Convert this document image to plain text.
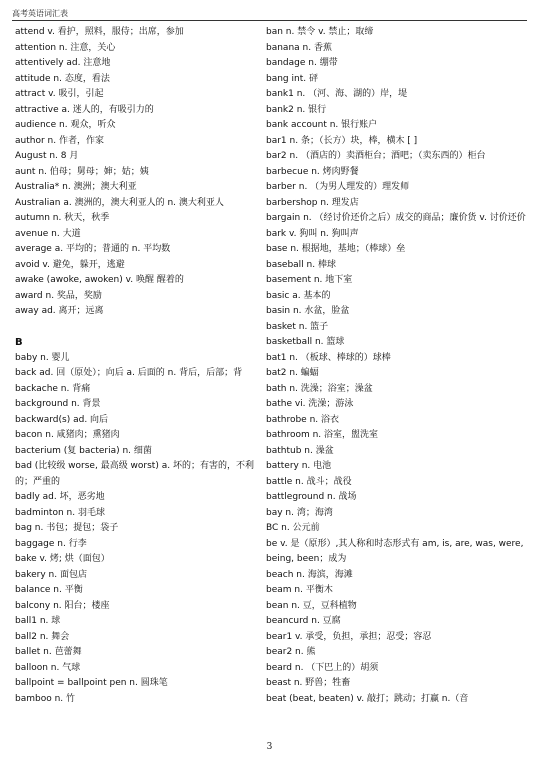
高考英语词汇表
attend v. 看护，照料，服侍；出席，参加
attention n. 注意，关心
attentively ad. 注意地
attitude n. 态度，看法
attract v. 吸引，引起
attractive a. 迷人的，有吸引力的
audience n. 观众，听众
author n. 作者，作家
August n. 8 月
aunt n. 伯母；舅母；婶；姑；姨
Australia* n. 澳洲；澳大利亚
Australian a. 澳洲的，澳大利亚人的 n. 澳大利亚人
autumn n. 秋天，秋季
avenue n. 大道
average a. 平均的；普通的 n. 平均数
avoid v. 避免，躲开，逃避
awake (awoke, awoken) v. 唤醒 醒着的
award n. 奖品，奖励
away ad. 离开；远离
B
baby n. 婴儿
back ad. 回（原处）；向后 a. 后面的 n. 背后，后部；背
backache n. 背痛
background n. 背景
backward(s) ad. 向后
bacon n. 咸猪肉；熏猪肉
bacterium (复 bacteria) n. 细菌
bad (比较级 worse, 最高级 worst) a. 坏的；有害的，不利的；严重的
badly ad. 坏，恶劣地
badminton n. 羽毛球
bag n. 书包；提包；袋子
baggage n. 行李
bake v. 烤; 烘（面包）
bakery n. 面包店
balance n. 平衡
balcony n. 阳台；楼座
ball1 n. 球
ball2 n. 舞会
ballet n. 芭蕾舞
balloon n. 气球
ballpoint = ballpoint pen n. 圆珠笔
bamboo n. 竹
ban n. 禁令 v. 禁止；取缔
banana n. 香蕉
bandage n. 绷带
bang int. 砰
bank1 n. （河、海、湖的）岸，堤
bank2 n. 银行
bank account n. 银行账户
bar1 n. 条；（长方）块，棒，横木 [ ]
bar2 n. （酒店的）卖酒柜台；酒吧；（卖东西的）柜台
barbecue n. 烤肉野餐
barber n. （为男人理发的）理发师
barbershop n. 理发店
bargain n. （经讨价还价之后）成交的商品；廉价货 v. 讨价还价
bark v. 狗叫 n. 狗叫声
base n. 根据地，基地；（棒球）垒
baseball n. 棒球
basement n. 地下室
basic a. 基本的
basin n. 水盆，脸盆
basket n. 篮子
basketball n. 篮球
bat1 n. （板球、棒球的）球棒
bat2 n. 蝙蝠
bath n. 洗澡；浴室；澡盆
bathe vi. 洗澡；游泳
bathrobe n. 浴衣
bathroom n. 浴室，盥洗室
bathtub n. 澡盆
battery n. 电池
battle n. 战斗；战役
battleground n. 战场
bay n. 湾；海湾
BC n. 公元前
be v. 是（原形）,其人称和时态形式有 am, is, are, was, were, being, been；成为
beach n. 海滨，海滩
beam n. 平衡木
bean n. 豆，豆科植物
beancurd n. 豆腐
bear1 v. 承受，负担，承担；忍受；容忍
bear2 n. 熊
beard n. （下巴上的）胡须
beast n. 野兽；牲畜
beat (beat, beaten) v. 敲打；跳动；打赢 n.（音
3
